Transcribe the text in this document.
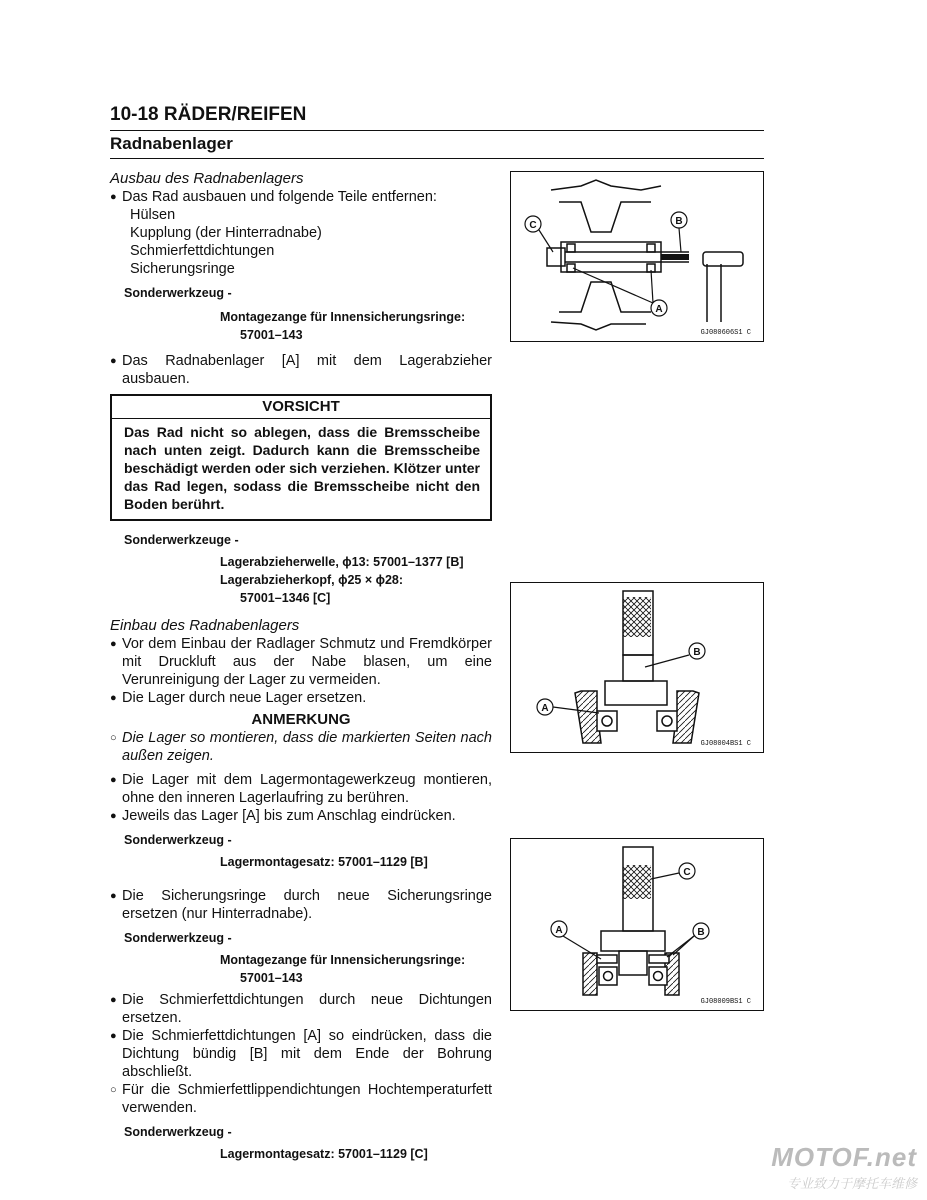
10-18 RÄDER/REIFEN
Radnabenlager
Ausbau des Radnabenlagers
● Das Rad ausbauen und folgende Teile entfernen:
Hülsen
Kupplung (der Hinterradnabe)
Schmierfettdichtungen
Sicherungsringe
Sonderwerkzeug -
Montagezange für Innensicherungsringe:
57001–143
● Das Radnabenlager [A] mit dem Lagerabzieher ausbauen.
VORSICHT
Das Rad nicht so ablegen, dass die Bremsscheibe nach unten zeigt. Dadurch kann die Bremsscheibe beschädigt werden oder sich verziehen. Klötzer unter das Rad legen, sodass die Bremsscheibe nicht den Boden berührt.
Sonderwerkzeuge -
Lagerabzieherwelle, ϕ13: 57001–1377 [B]
Lagerabzieherkopf, ϕ25 × ϕ28:
57001–1346 [C]
Einbau des Radnabenlagers
● Vor dem Einbau der Radlager Schmutz und Fremdkörper mit Druckluft aus der Nabe blasen, um eine Verunreinigung der Lager zu vermeiden.
● Die Lager durch neue Lager ersetzen.
ANMERKUNG
○ Die Lager so montieren, dass die markierten Seiten nach außen zeigen.
● Die Lager mit dem Lagermontagewerkzeug montieren, ohne den inneren Lagerlaufring zu berühren.
● Jeweils das Lager [A] bis zum Anschlag eindrücken.
Sonderwerkzeug -
Lagermontagesatz: 57001–1129 [B]
● Die Sicherungsringe durch neue Sicherungsringe ersetzen (nur Hinterradnabe).
Sonderwerkzeug -
Montagezange für Innensicherungsringe:
57001–143
● Die Schmierfettdichtungen durch neue Dichtungen ersetzen.
● Die Schmierfettdichtungen [A] so eindrücken, dass die Dichtung bündig [B] mit dem Ende der Bohrung abschließt.
○ Für die Schmierfettlippendichtungen Hochtemperaturfett verwenden.
Sonderwerkzeug -
Lagermontagesatz: 57001–1129 [C]
C	B
A
GJ080606S1 C
B
A
GJ08004BS1 C
C
A	B
GJ08009BS1 C
MOTOF.net
专业致力于摩托车维修
